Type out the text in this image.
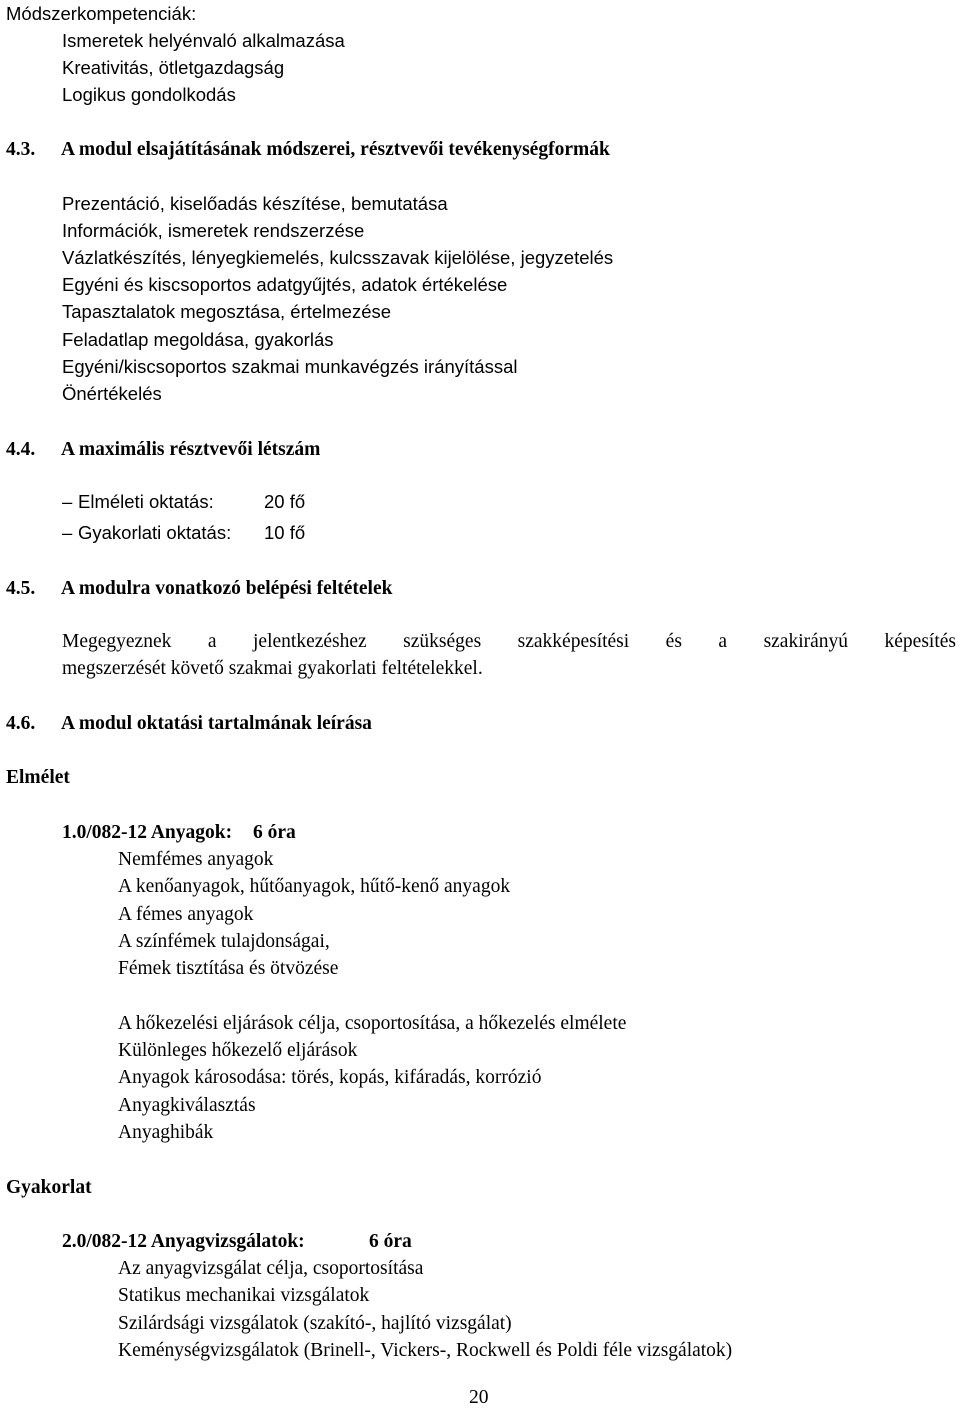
Módszerkompetenciák:
Ismeretek helyénvaló alkalmazása
Kreativitás, ötletgazdagság
Logikus gondolkodás
4.3. A modul elsajátításának módszerei, résztvevői tevékenységformák
Prezentáció, kiselőadás készítése, bemutatása
Információk, ismeretek rendszerzése
Vázlatkészítés, lényegkiemelés, kulcsszavak kijelölése, jegyzetelés
Egyéni és kiscsoportos adatgyűjtés, adatok értékelése
Tapasztalatok megosztása, értelmezése
Feladatlap megoldása, gyakorlás
Egyéni/kiscsoportos szakmai munkavégzés irányítással
Önértékelés
4.4. A maximális résztvevői létszám
– Elméleti oktatás:	20 fő
– Gyakorlati oktatás: 10 fő
4.5. A modulra vonatkozó belépési feltételek
Megegyeznek a jelentkezéshez szükséges szakképesítési és a szakirányú képesítés
megszerzését követő szakmai gyakorlati feltételekkel.
4.6. A modul oktatási tartalmának leírása
Elmélet
1.0/082-12 Anyagok: 6 óra
Nemfémes anyagok
A kenőanyagok, hűtőanyagok, hűtő-kenő anyagok
A fémes anyagok
A színfémek tulajdonságai,
Fémek tisztítása és ötvözése
A hőkezelési eljárások célja, csoportosítása, a hőkezelés elmélete
Különleges hőkezelő eljárások
Anyagok károsodása: törés, kopás, kifáradás, korrózió
Anyagkiválasztás
Anyaghibák
Gyakorlat
2.0/082-12 Anyagvizsgálatok:	6 óra
Az anyagvizsgálat célja, csoportosítása
Statikus mechanikai vizsgálatok
Szilárdsági vizsgálatok (szakító-, hajlító vizsgálat)
Keménységvizsgálatok (Brinell-, Vickers-, Rockwell és Poldi féle vizsgálatok)
20
